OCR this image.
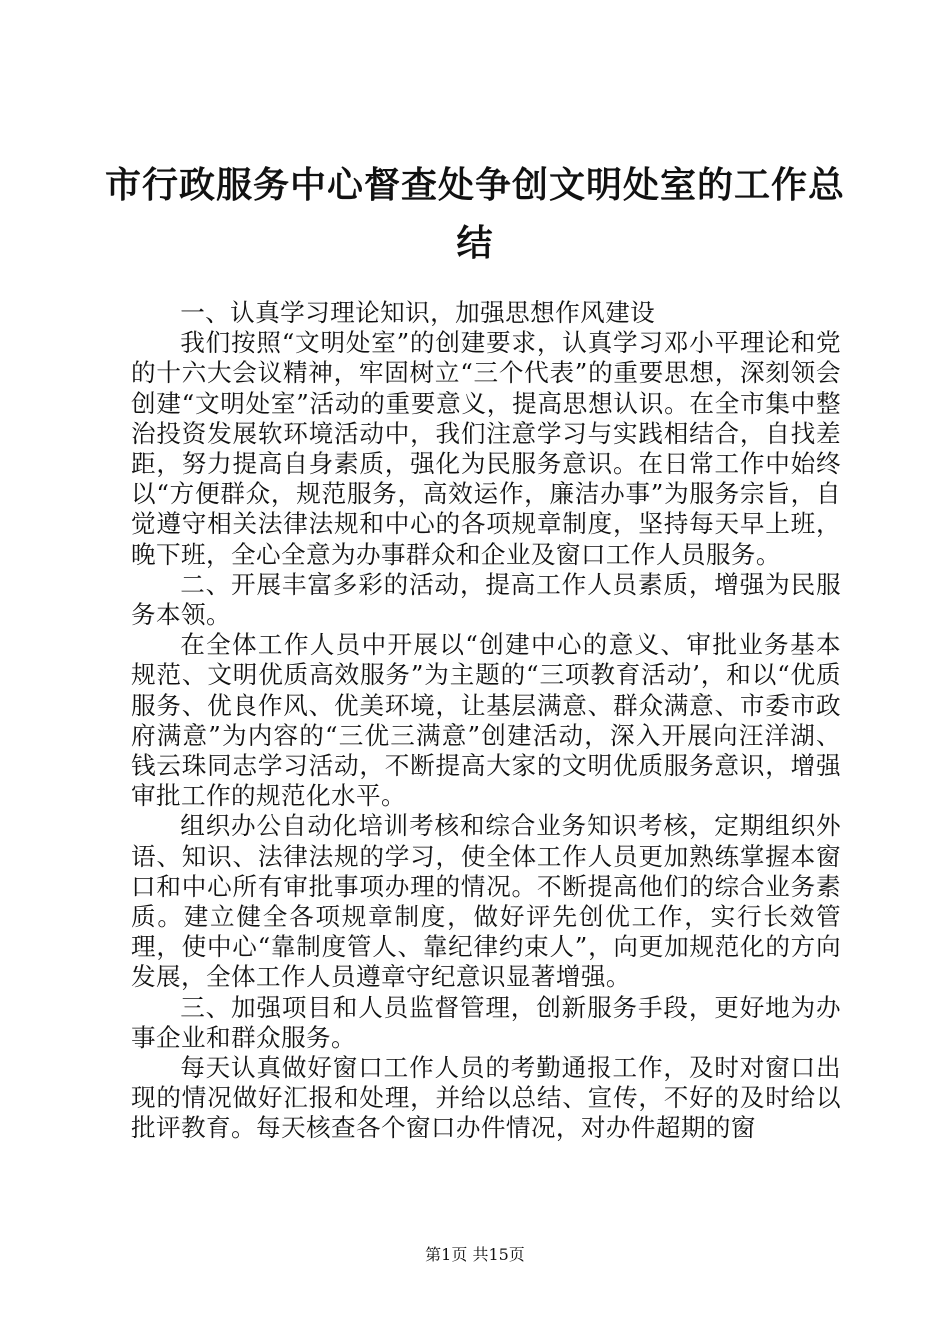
市行政服务中心督查处争创文明处室的工作总结

一、认真学习理论知识，加强思想作风建设

我们按照“文明处室”的创建要求，认真学习邓小平理论和党的十六大会议精神，牢固树立“三个代表”的重要思想，深刻领会创建“文明处室”活动的重要意义，提高思想认识。在全市集中整治投资发展软环境活动中，我们注意学习与实践相结合，自找差距，努力提高自身素质，强化为民服务意识。在日常工作中始终以“方便群众，规范服务，高效运作，廉洁办事”为服务宗旨，自觉遵守相关法律法规和中心的各项规章制度，坚持每天早上班，晚下班，全心全意为办事群众和企业及窗口工作人员服务。

二、开展丰富多彩的活动，提高工作人员素质，增强为民服务本领。

在全体工作人员中开展以“创建中心的意义、审批业务基本规范、文明优质高效服务”为主题的“三项教育活动’，和以“优质服务、优良作风、优美环境，让基层满意、群众满意、市委市政府满意”为内容的“三优三满意”创建活动，深入开展向汪洋湖、钱云珠同志学习活动，不断提高大家的文明优质服务意识，增强审批工作的规范化水平。

组织办公自动化培训考核和综合业务知识考核，定期组织外语、知识、法律法规的学习，使全体工作人员更加熟练掌握本窗口和中心所有审批事项办理的情况。不断提高他们的综合业务素质。建立健全各项规章制度，做好评先创优工作，实行长效管理，使中心“靠制度管人、靠纪律约束人”，向更加规范化的方向发展，全体工作人员遵章守纪意识显著增强。

三、加强项目和人员监督管理，创新服务手段，更好地为办事企业和群众服务。

每天认真做好窗口工作人员的考勤通报工作，及时对窗口出现的情况做好汇报和处理，并给以总结、宣传，不好的及时给以批评教育。每天核查各个窗口办件情况，对办件超期的窗

第1页 共15页
